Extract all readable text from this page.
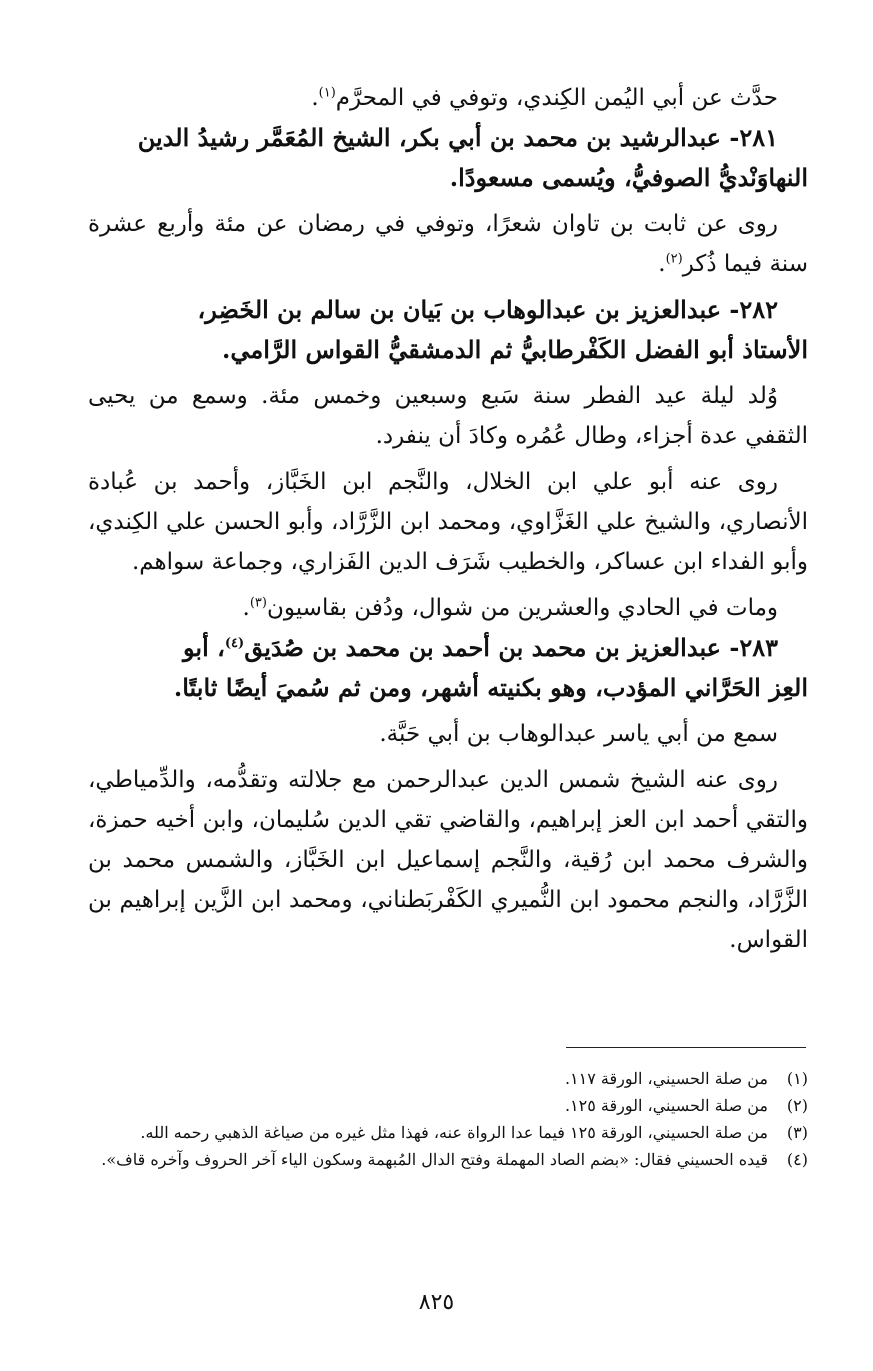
حدَّث عن أبي اليُمن الكِندي، وتوفي في المحرَّم$^{(١)}$.

٢٨١- عبدالرشيد بن محمد بن أبي بكر، الشيخ المُعَمَّر رشيدُ الدين
النهاوَنْديُّ الصوفيُّ، ويُسمى مسعودًا.

روى عن ثابت بن تاوان شعرًا، وتوفي في رمضان عن مئة وأربع عشرة سنة فيما ذُكر$^{(٢)}$.

٢٨٢- عبدالعزيز بن عبدالوهاب بن بَيان بن سالم بن الخَضِر،
الأستاذ أبو الفضل الكَفْرطابيُّ ثم الدمشقيُّ القواس الرَّامي.

وُلد ليلة عيد الفطر سنة سَبع وسبعين وخمس مئة. وسمع من يحيى الثقفي عدة أجزاء، وطال عُمُره وكادَ أن ينفرد.

روى عنه أبو علي ابن الخلال، والنَّجم ابن الخَبَّاز، وأحمد بن عُبادة الأنصاري، والشيخ علي الغَزَّاوي، ومحمد ابن الزَّرَّاد، وأبو الحسن علي الكِندي، وأبو الفداء ابن عساكر، والخطيب شَرَف الدين الفَزاري، وجماعة سواهم.

ومات في الحادي والعشرين من شوال، ودُفن بقاسيون$^{(٣)}$.

٢٨٣- عبدالعزيز بن محمد بن أحمد بن محمد بن صُدَيق$^{(٤)}$، أبو
العِز الحَرَّاني المؤدب، وهو بكنيته أشهر، ومن ثم سُميَ أيضًا ثابتًا.

سمع من أبي ياسر عبدالوهاب بن أبي حَبَّة.

روى عنه الشيخ شمس الدين عبدالرحمن مع جلالته وتقدُّمه، والدِّمياطي، والتقي أحمد ابن العز إبراهيم، والقاضي تقي الدين سُليمان، وابن أخيه حمزة، والشرف محمد ابن رُقية، والنَّجم إسماعيل ابن الخَبَّاز، والشمس محمد بن الزَّرَّاد، والنجم محمود ابن النُّميري الكَفْربَطناني، ومحمد ابن الزَّين إبراهيم بن القواس.

(١)
من صلة الحسيني، الورقة ١١٧.
(٢)
من صلة الحسيني، الورقة ١٢٥.
(٣)
من صلة الحسيني، الورقة ١٢٥ فيما عدا الرواة عنه، فهذا مثل غيره من صياغة الذهبي رحمه الله.
(٤)
قيده الحسيني فقال: «بضم الصاد المهملة وفتح الدال المُبهمة وسكون الياء آخر الحروف وآخره قاف».
٨٢٥
